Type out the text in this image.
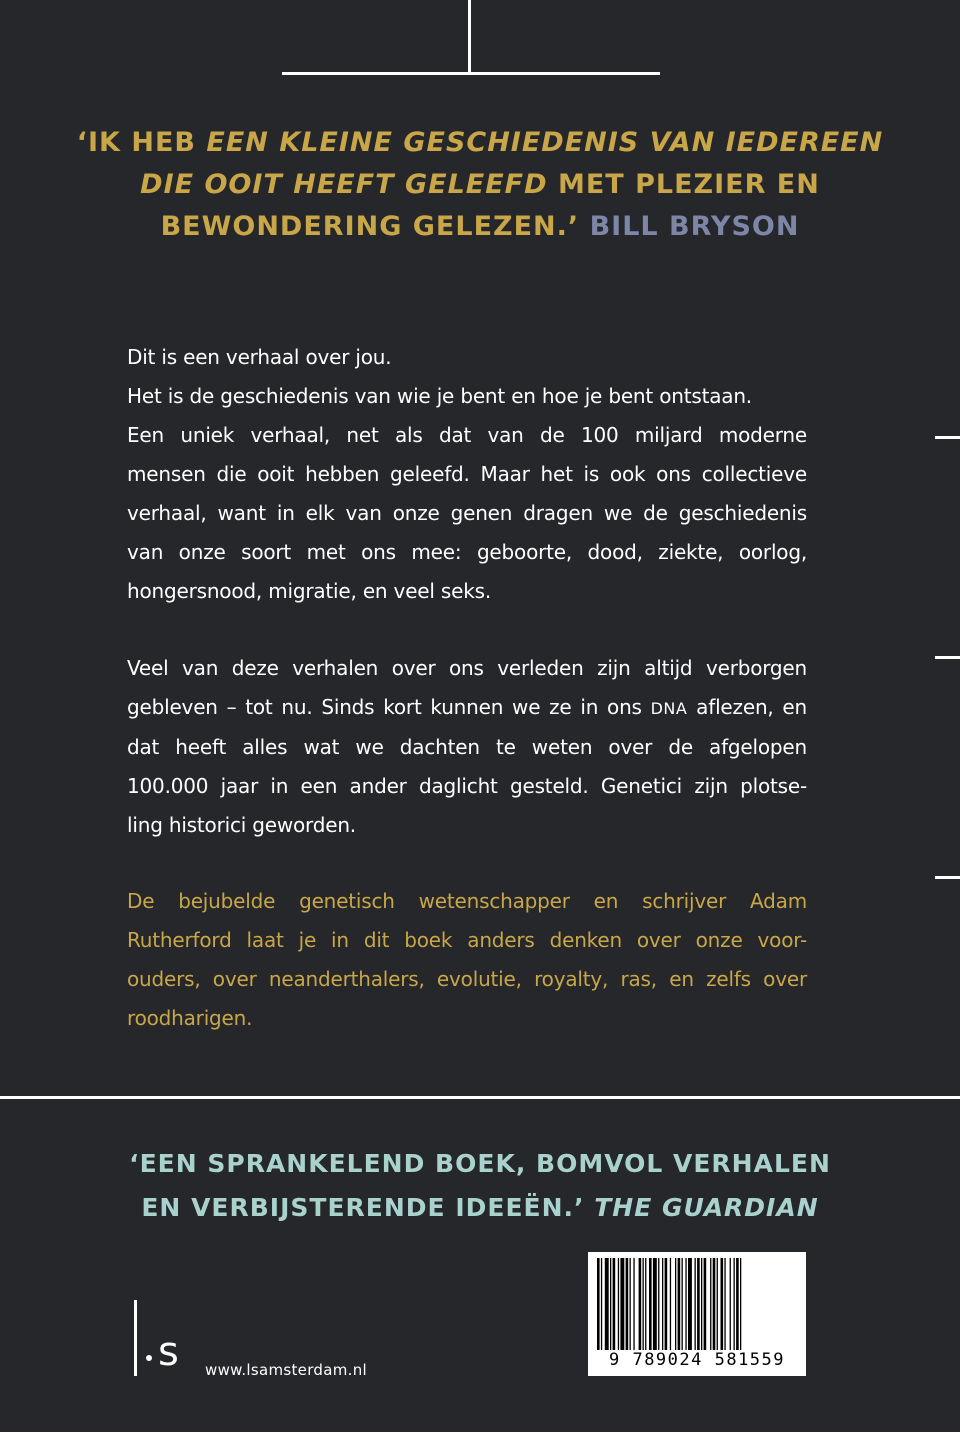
‘IK HEB EEN KLEINE GESCHIEDENIS VAN IEDEREEN
DIE OOIT HEEFT GELEEFD MET PLEZIER EN
BEWONDERING GELEZEN.’ BILL BRYSON
Dit is een verhaal over jou.
Het is de geschiedenis van wie je bent en hoe je bent ontstaan.
Een uniek verhaal, net als dat van de 100 miljard moderne
mensen die ooit hebben geleefd. Maar het is ook ons collectieve
verhaal, want in elk van onze genen dragen we de geschiedenis
van onze soort met ons mee: geboorte, dood, ziekte, oorlog,
hongersnood, migratie, en veel seks.
Veel van deze verhalen over ons verleden zijn altijd verborgen
gebleven – tot nu. Sinds kort kunnen we ze in ons DNA aflezen, en
dat heeft alles wat we dachten te weten over de afgelopen
100.000 jaar in een ander daglicht gesteld. Genetici zijn plotse-
ling historici geworden.
De bejubelde genetisch wetenschapper en schrijver Adam
Rutherford laat je in dit boek anders denken over onze voor-
ouders, over neanderthalers, evolutie, royalty, ras, en zelfs over
roodharigen.
‘EEN SPRANKELEND BOEK, BOMVOL VERHALEN
EN VERBIJSTERENDE IDEEËN.’ THE GUARDIAN
s www.lsamsterdam.nl	9 789024 581559
